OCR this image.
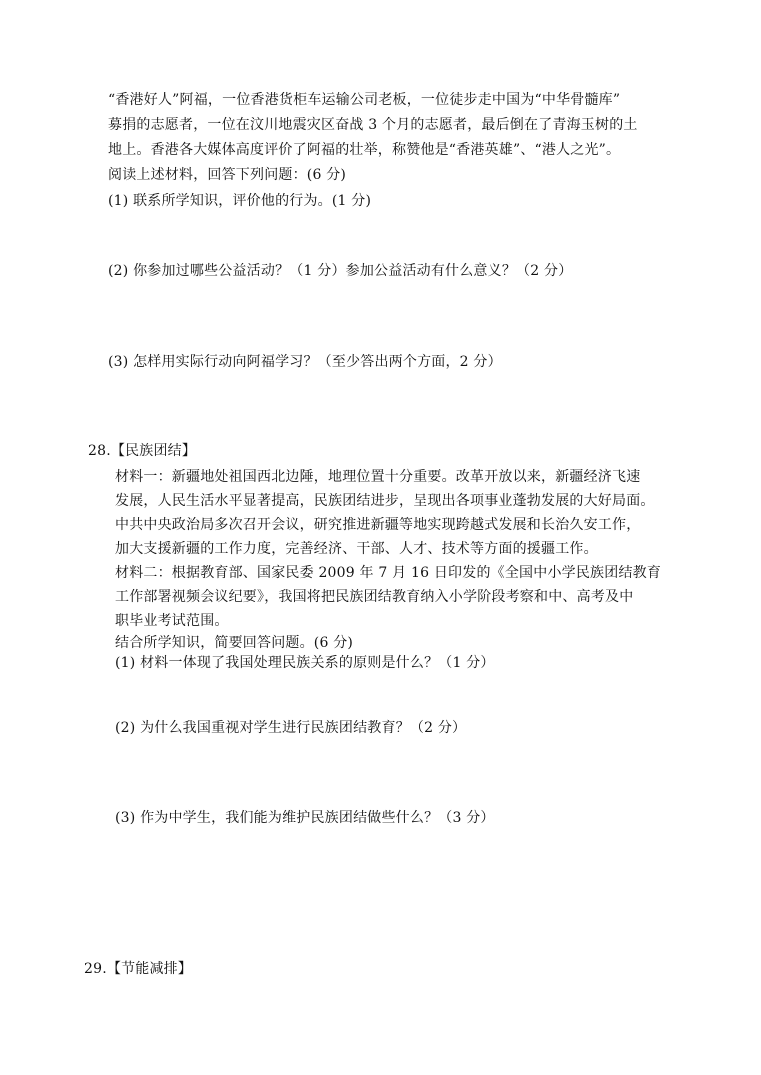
“香港好人”阿福，一位香港货柜车运输公司老板，一位徒步走中国为“中华骨髓库”
募捐的志愿者，一位在汶川地震灾区奋战 3 个月的志愿者，最后倒在了青海玉树的土
地上。香港各大媒体高度评价了阿福的壮举，称赞他是“香港英雄”、“港人之光”。
阅读上述材料，回答下列问题：(6 分)
(1) 联系所学知识，评价他的行为。(1 分)
(2) 你参加过哪些公益活动？（1 分）参加公益活动有什么意义？（2 分）
(3) 怎样用实际行动向阿福学习？（至少答出两个方面，2 分）
28.【民族团结】
材料一：新疆地处祖国西北边陲，地理位置十分重要。改革开放以来，新疆经济飞速
发展，人民生活水平显著提高，民族团结进步，呈现出各项事业蓬勃发展的大好局面。
中共中央政治局多次召开会议，研究推进新疆等地实现跨越式发展和长治久安工作，
加大支援新疆的工作力度，完善经济、干部、人才、技术等方面的援疆工作。
材料二：根据教育部、国家民委 2009 年 7 月 16 日印发的《全国中小学民族团结教育
工作部署视频会议纪要》，我国将把民族团结教育纳入小学阶段考察和中、高考及中
职毕业考试范围。
结合所学知识，简要回答问题。(6 分)
(1) 材料一体现了我国处理民族关系的原则是什么？（1 分）
(2) 为什么我国重视对学生进行民族团结教育？（2 分）
(3) 作为中学生，我们能为维护民族团结做些什么？（3 分）
29.【节能减排】
